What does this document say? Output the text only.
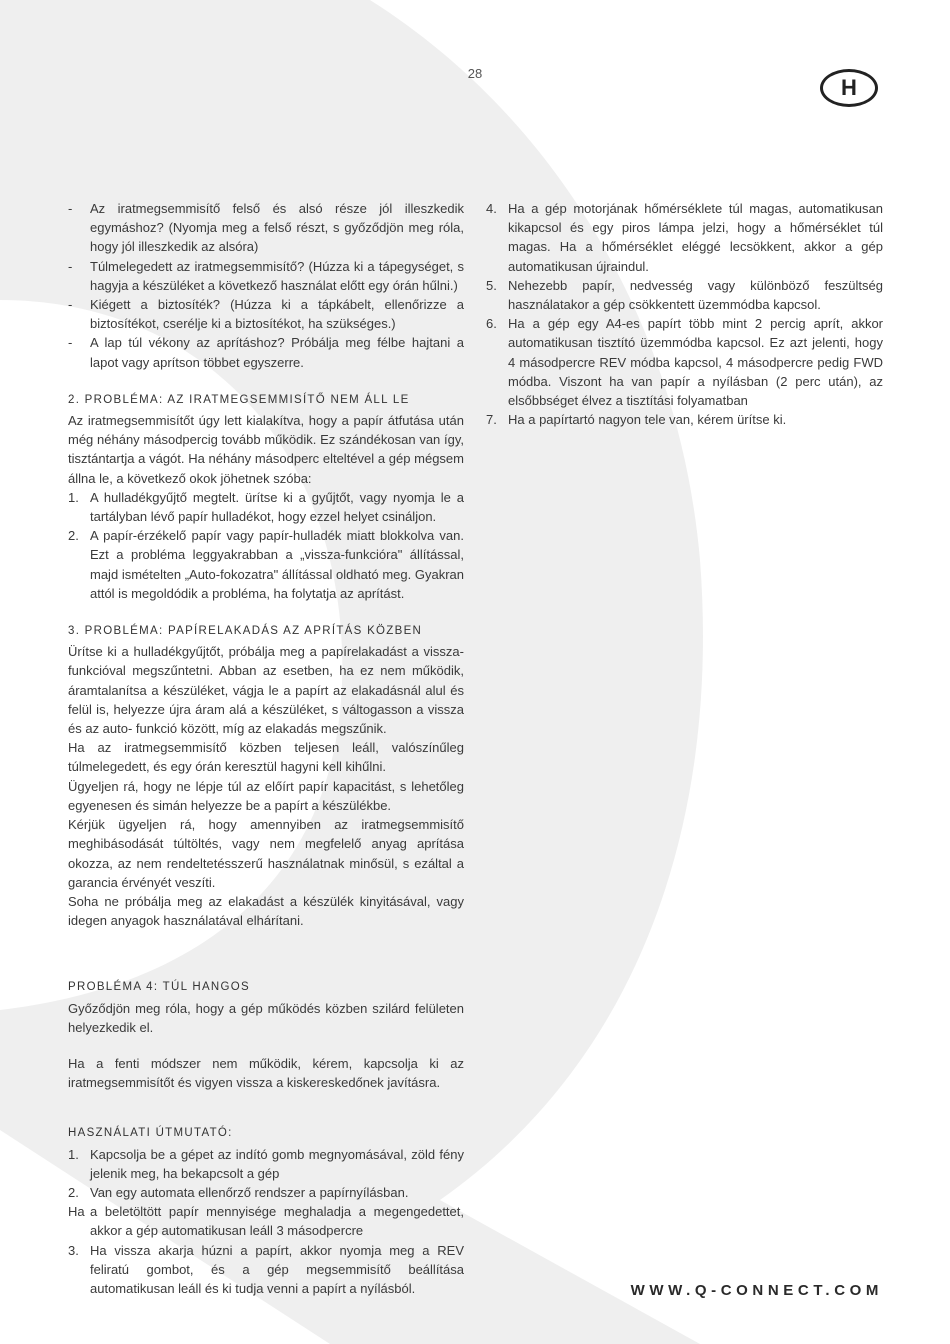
28
H
- Az iratmegsemmisítő felső és alsó része jól illeszkedik egymáshoz? (Nyomja meg a felső részt, s győződjön meg róla, hogy jól illeszkedik az alsóra)
- Túlmelegedett az iratmegsemmisítő? (Húzza ki a tápegységet, s hagyja a készüléket a következő használat előtt egy órán hűlni.)
- Kiégett a biztosíték? (Húzza ki a tápkábelt, ellenőrizze a biztosítékot, cserélje ki a biztosítékot, ha szükséges.)
- A lap túl vékony az aprításhoz? Próbálja meg félbe hajtani a lapot vagy aprítson többet egyszerre.
2. PROBLÉMA: AZ IRATMEGSEMMISÍTŐ NEM ÁLL LE
Az iratmegsemmisítőt úgy lett kialakítva, hogy a papír átfutása után még néhány másodpercig tovább működik. Ez szándékosan van így, tisztántartja a vágót. Ha néhány másodperc elteltével a gép mégsem állna le, a következő okok jöhetnek szóba:
1. A hulladékgyűjtő megtelt. ürítse ki a gyűjtőt, vagy nyomja le a tartályban lévő papír hulladékot, hogy ezzel helyet csináljon.
2. A papír-érzékelő papír vagy papír-hulladék miatt blokkolva van. Ezt a probléma leggyakrabban a „vissza-funkcióra" állítással, majd ismételten „Auto-fokozatra" állítással oldható meg. Gyakran attól is megoldódik a probléma, ha folytatja az aprítást.
3. PROBLÉMA: PAPÍRELAKADÁS AZ APRÍTÁS KÖZBEN
Ürítse ki a hulladékgyűjtőt, próbálja meg a papírelakadást a vissza-funkcióval megszűntetni. Abban az esetben, ha ez nem működik, áramtalanítsa a készüléket, vágja le a papírt az elakadásnál alul és felül is, helyezze újra áram alá a készüléket, s váltogasson a vissza és az auto- funkció között, míg az elakadás megszűnik.
Ha az iratmegsemmisítő közben teljesen leáll, valószínűleg túlmelegedett, és egy órán keresztül hagyni kell kihűlni.
Ügyeljen rá, hogy ne lépje túl az előírt papír kapacitást, s lehetőleg egyenesen és simán helyezze be a papírt a készülékbe.
Kérjük ügyeljen rá, hogy amennyiben az iratmegsemmisítő meghibásodását túltöltés, vagy nem megfelelő anyag aprítása okozza, az nem rendeltetésszerű használatnak minősül, s ezáltal a garancia érvényét veszíti.
Soha ne próbálja meg az elakadást a készülék kinyitásával, vagy idegen anyagok használatával elhárítani.
PROBLÉMA 4: TÚL HANGOS
Győződjön meg róla, hogy a gép működés közben szilárd felületen helyezkedik el.
Ha a fenti módszer nem működik, kérem, kapcsolja ki az iratmegsemmisítőt és vigyen vissza a kiskereskedőnek javításra.
HASZNÁLATI ÚTMUTATÓ:
1. Kapcsolja be a gépet az indító gomb megnyomásával, zöld fény jelenik meg, ha bekapcsolt a gép
2. Van egy automata ellenőrző rendszer a papírnyílásban.
Ha a beletöltött papír mennyisége meghaladja a megengedettet, akkor a gép automatikusan leáll 3 másodpercre
3. Ha vissza akarja húzni a papírt, akkor nyomja meg a REV feliratú gombot, és a gép megsemmisítő beállítása automatikusan leáll és ki tudja venni a papírt a nyílásból.
4. Ha a gép motorjának hőmérséklete túl magas, automatikusan kikapcsol és egy piros lámpa jelzi, hogy a hőmérséklet túl magas. Ha a hőmérséklet eléggé lecsökkent, akkor a gép automatikusan újraindul.
5. Nehezebb papír, nedvesség vagy különböző feszültség használatakor a gép csökkentett üzemmódba kapcsol.
6. Ha a gép egy A4-es papírt több mint 2 percig aprít, akkor automatikusan tisztító üzemmódba kapcsol. Ez azt jelenti, hogy 4 másodpercre REV módba kapcsol, 4 másodpercre pedig FWD módba. Viszont ha van papír a nyílásban (2 perc után), az elsőbbséget élvez a tisztítási folyamatban
7. Ha a papírtartó nagyon tele van, kérem ürítse ki.
WWW.Q-CONNECT.COM
